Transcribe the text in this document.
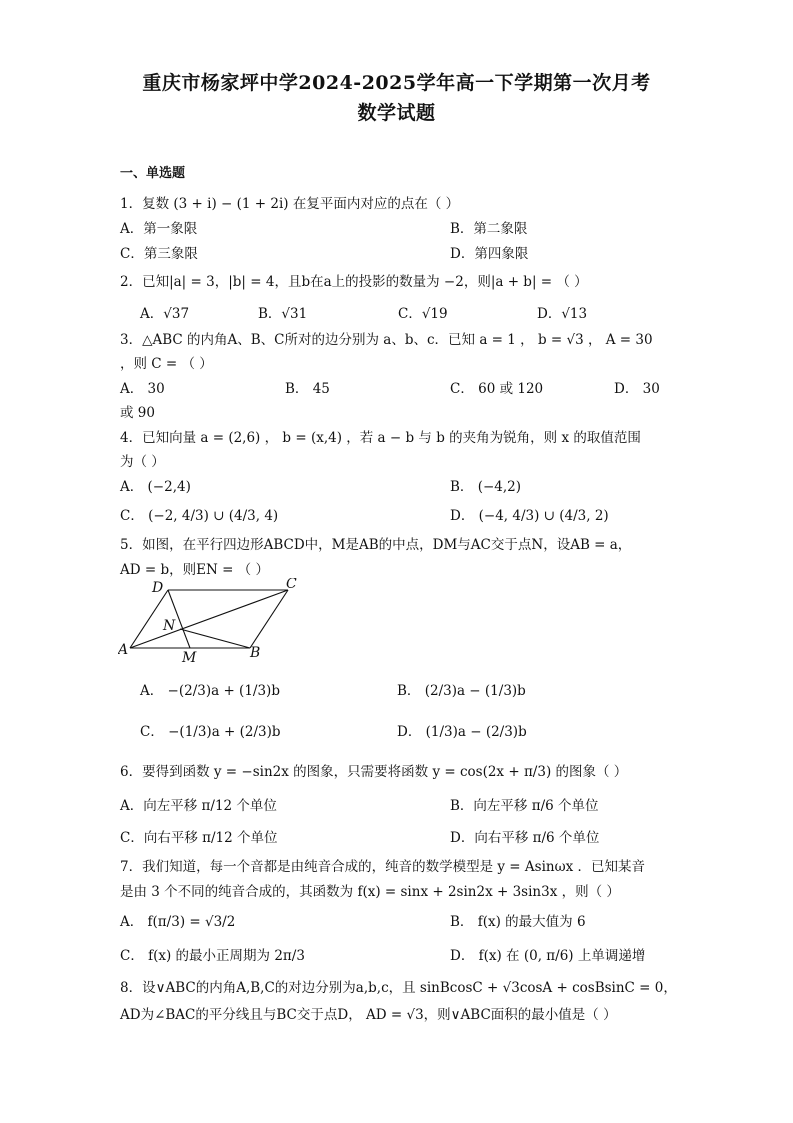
重庆市杨家坪中学2024-2025学年高一下学期第一次月考
数学试题
一、单选题
1．复数 (3 + i) − (1 + 2i) 在复平面内对应的点在（ ）
A．第一象限	B．第二象限
C．第三象限	D．第四象限
2．已知|a| = 3，|b| = 4，且b在a上的投影的数量为 −2，则|a + b| = （ ）
A．√37	B．√31	C．√19	D．√13
3．△ABC 的内角A、B、C所对的边分别为 a、b、c．已知 a = 1 ， b = √3 ， A = 30
，则 C = （ ）
A． 30	B． 45	C． 60 或 120	D． 30
或 90
4．已知向量 a = (2,6) ， b = (x,4) ，若 a − b 与 b 的夹角为锐角，则 x 的取值范围
为（ ）
A． (−2,4)	B． (−4,2)
C． (−2, 4/3) ∪ (4/3, 4)	D． (−4, 4/3) ∪ (4/3, 2)
5．如图，在平行四边形ABCD中，M是AB的中点，DM与AC交于点N，设AB = a，
AD = b，则EN = （ ）
A	B
C
D
M
N
A． −(2/3)a + (1/3)b	B． (2/3)a − (1/3)b
C． −(1/3)a + (2/3)b	D． (1/3)a − (2/3)b
6．要得到函数 y = −sin2x 的图象，只需要将函数 y = cos(2x + π/3) 的图象（ ）
A．向左平移 π/12 个单位	B．向左平移 π/6 个单位
C．向右平移 π/12 个单位	D．向右平移 π/6 个单位
7．我们知道，每一个音都是由纯音合成的，纯音的数学模型是 y = Asinωx ．已知某音
是由 3 个不同的纯音合成的，其函数为 f(x) = sinx + 2sin2x + 3sin3x ，则（ ）
A． f(π/3) = √3/2	B． f(x) 的最大值为 6
C． f(x) 的最小正周期为 2π/3	D． f(x) 在 (0, π/6) 上单调递增
8．设∨ABC的内角A,B,C的对边分别为a,b,c，且 sinBcosC + √3cosA + cosBsinC = 0，
AD为∠BAC的平分线且与BC交于点D， AD = √3，则∨ABC面积的最小值是（ ）
